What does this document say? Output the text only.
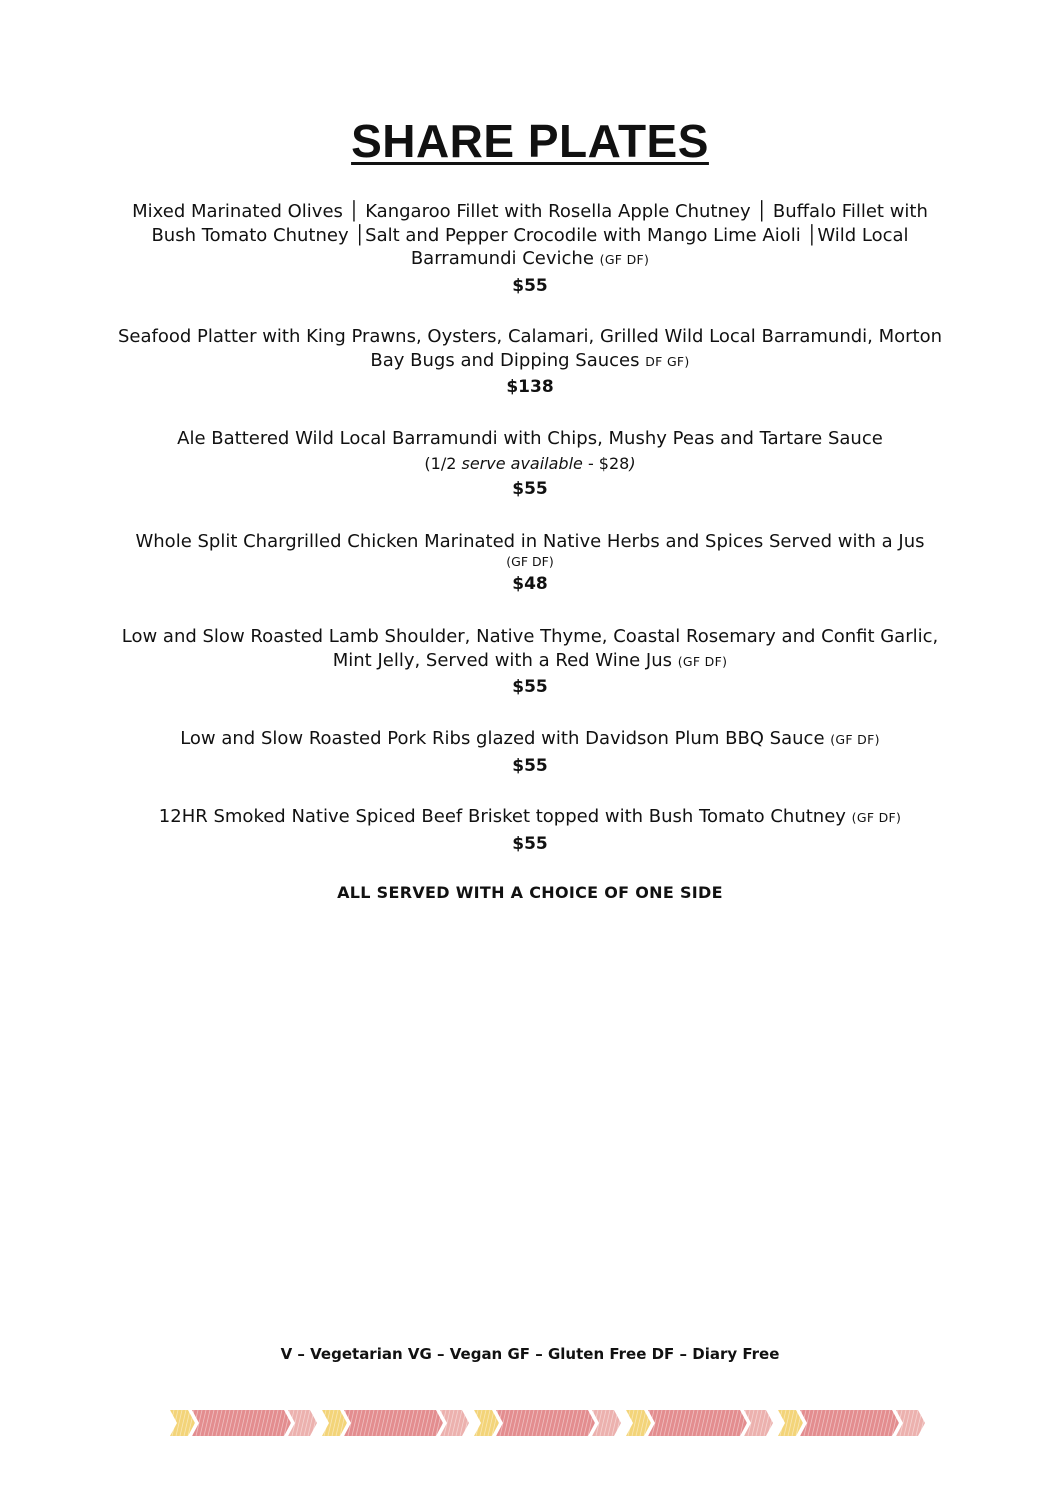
SHARE PLATES

Mixed Marinated Olives │ Kangaroo Fillet with Rosella Apple Chutney │ Buffalo Fillet with Bush Tomato Chutney │Salt and Pepper Crocodile with Mango Lime Aioli │Wild Local Barramundi Ceviche (GF DF)

$55

Seafood Platter with King Prawns, Oysters, Calamari, Grilled Wild Local Barramundi, Morton Bay Bugs and Dipping Sauces DF GF)

$138

Ale Battered Wild Local Barramundi with Chips, Mushy Peas and Tartare Sauce

(1/2 serve available - $28)

$55

Whole Split Chargrilled Chicken Marinated in Native Herbs and Spices Served with a Jus

(GF DF)

$48

Low and Slow Roasted Lamb Shoulder, Native Thyme, Coastal Rosemary and Confit Garlic, Mint Jelly, Served with a Red Wine Jus (GF DF)

$55

Low and Slow Roasted Pork Ribs glazed with Davidson Plum BBQ Sauce (GF DF)

$55

12HR Smoked Native Spiced Beef Brisket topped with Bush Tomato Chutney (GF DF)

$55

ALL SERVED WITH A CHOICE OF ONE SIDE

V – Vegetarian VG – Vegan GF – Gluten Free DF – Diary Free
